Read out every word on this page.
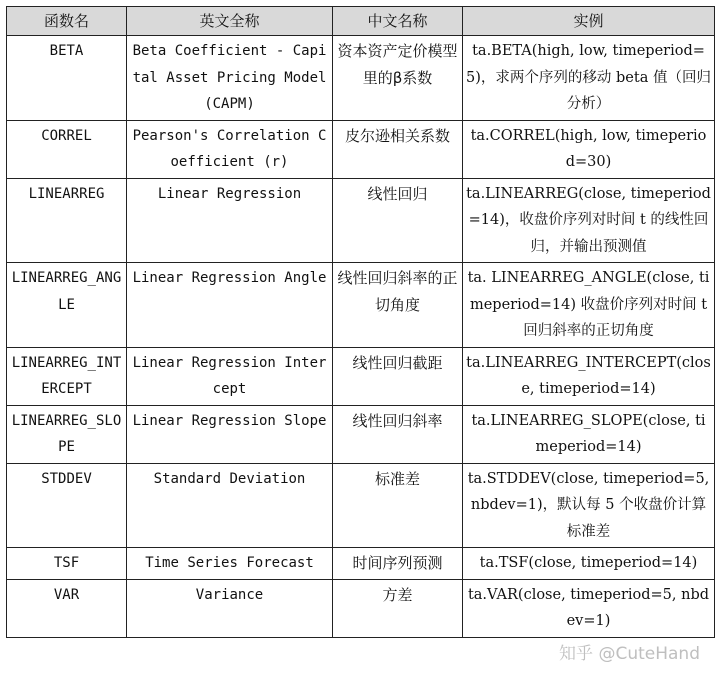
函数名	英文全称	中文名称	实例
BETA	Beta Coefficient - Capital Asset Pricing Model (CAPM)	资本资产定价模型里的β系数	ta.BETA(high, low, timeperiod=5)，求两个序列的移动 beta 值（回归分析）
CORREL	Pearson's Correlation Coefficient (r)	皮尔逊相关系数	ta.CORREL(high, low, timeperiod=30)
LINEARREG	Linear Regression	线性回归	ta.LINEARREG(close, timeperiod=14)，收盘价序列对时间 t 的线性回归，并输出预测值
LINEARREG_ANGLE	Linear Regression Angle	线性回归斜率的正切角度	ta. LINEARREG_ANGLE(close, timeperiod=14) 收盘价序列对时间 t 回归斜率的正切角度
LINEARREG_INTERCEPT	Linear Regression Intercept	线性回归截距	ta.LINEARREG_INTERCEPT(close, timeperiod=14)
LINEARREG_SLOPE	Linear Regression Slope	线性回归斜率	ta.LINEARREG_SLOPE(close, timeperiod=14)
STDDEV	Standard Deviation	标准差	ta.STDDEV(close, timeperiod=5, nbdev=1)，默认每 5 个收盘价计算标准差
TSF	Time Series Forecast	时间序列预测	ta.TSF(close, timeperiod=14)
VAR	Variance	方差	ta.VAR(close, timeperiod=5, nbdev=1)
知乎 @CuteHand
